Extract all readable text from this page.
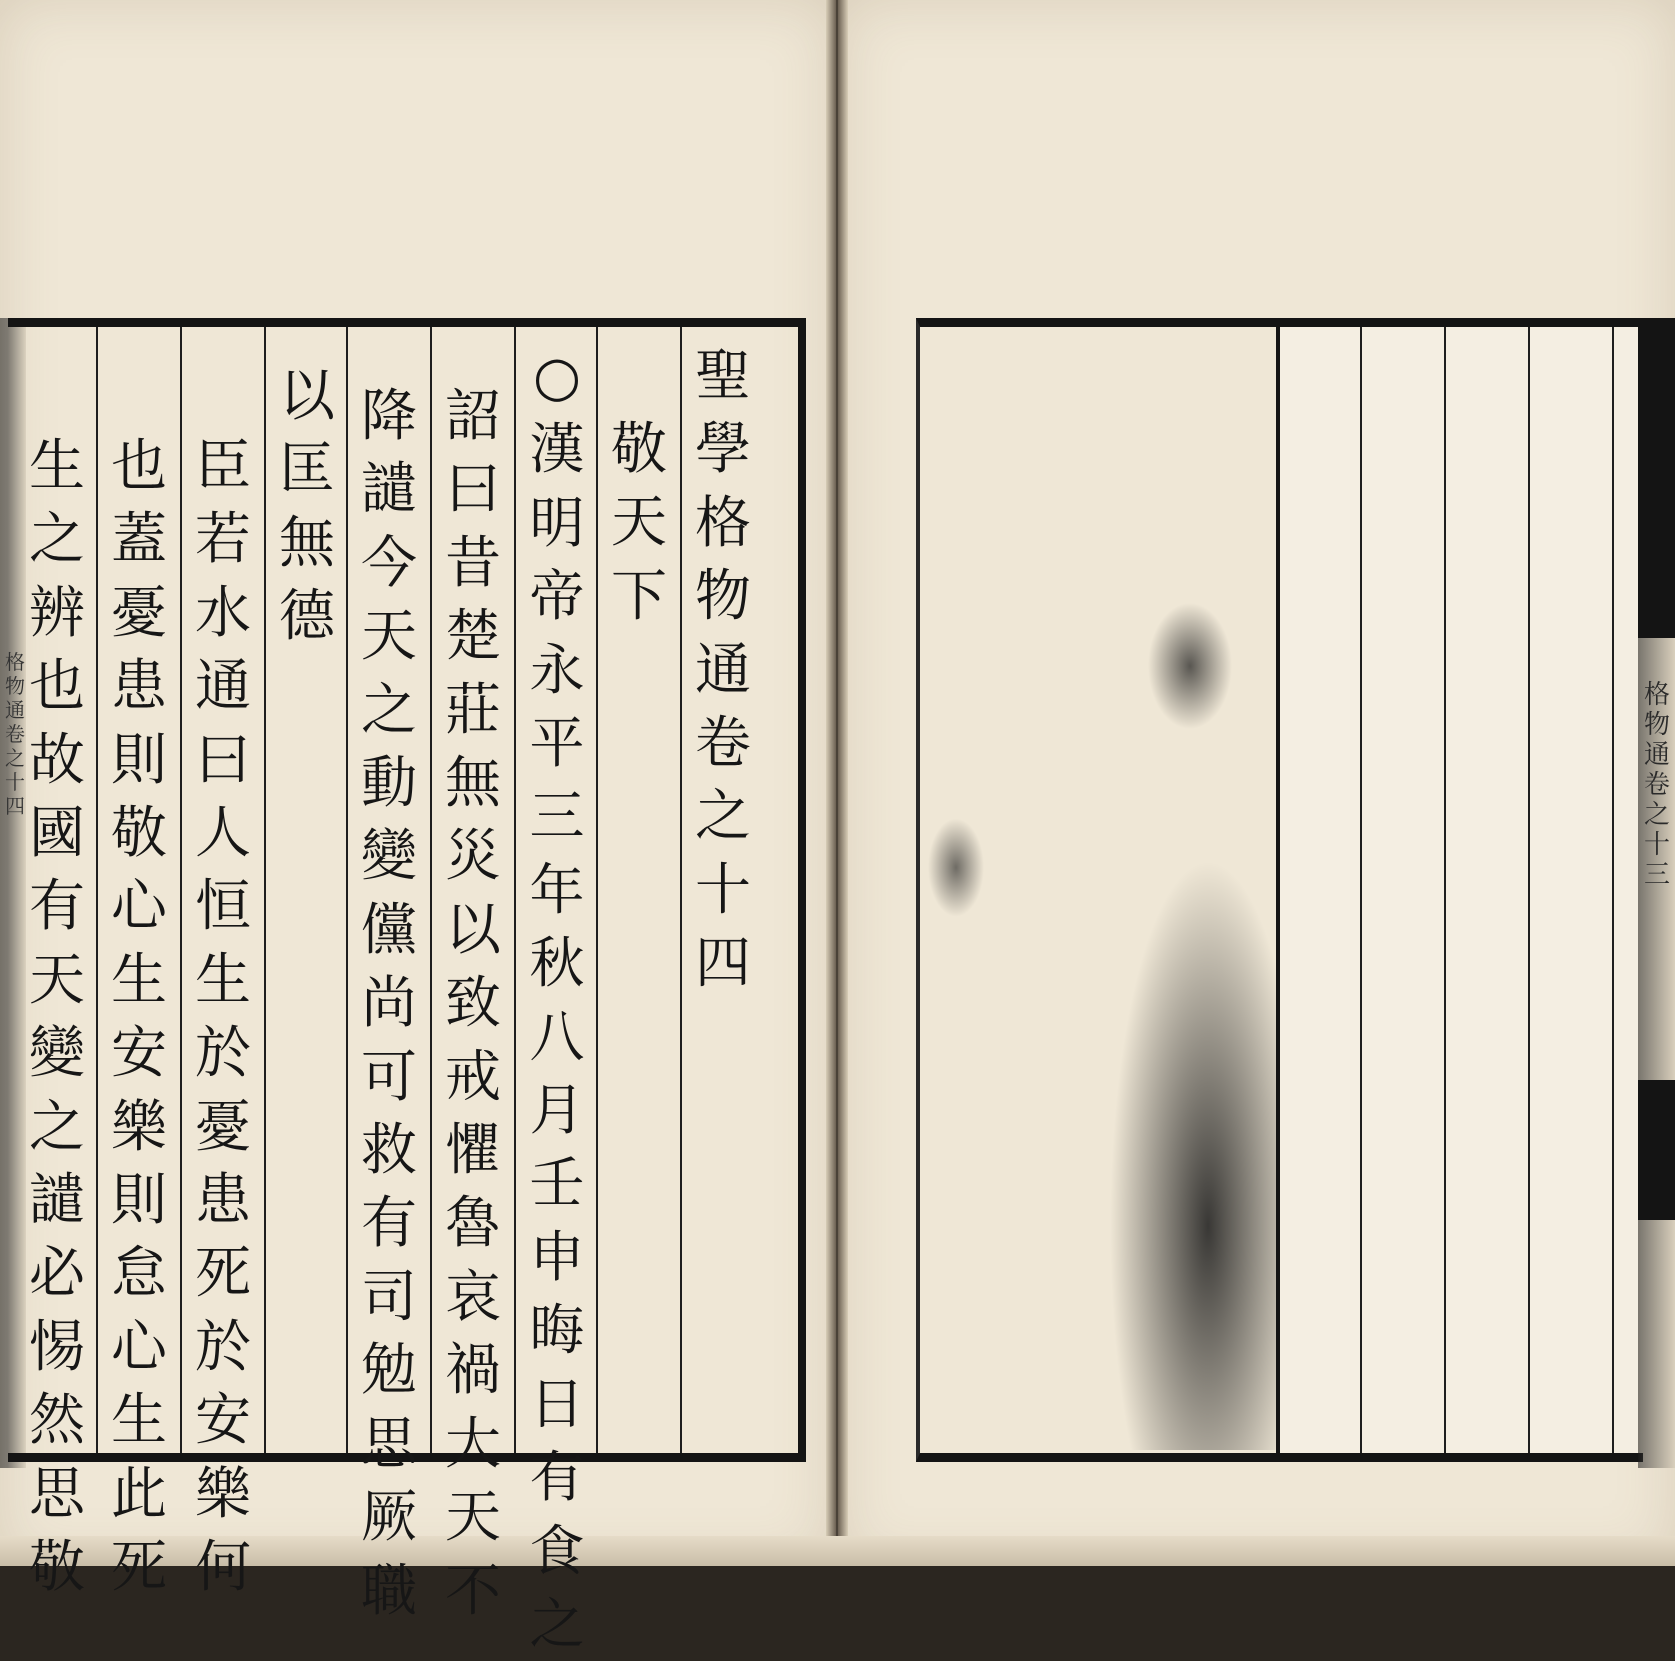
格物通卷之十四
聖學格物通卷之十四
敬天下
○漢明帝永平三年秋八月壬申晦日有食之
詔曰昔楚莊無災以致戒懼魯哀禍大天不
降譴今天之動變儻尚可救有司勉思厥職
以匡無德
臣若水通曰人恒生於憂患死於安樂何
也蓋憂患則敬心生安樂則怠心生此死
生之辨也故國有天變之譴必惕然思敬
格物通卷之十三
